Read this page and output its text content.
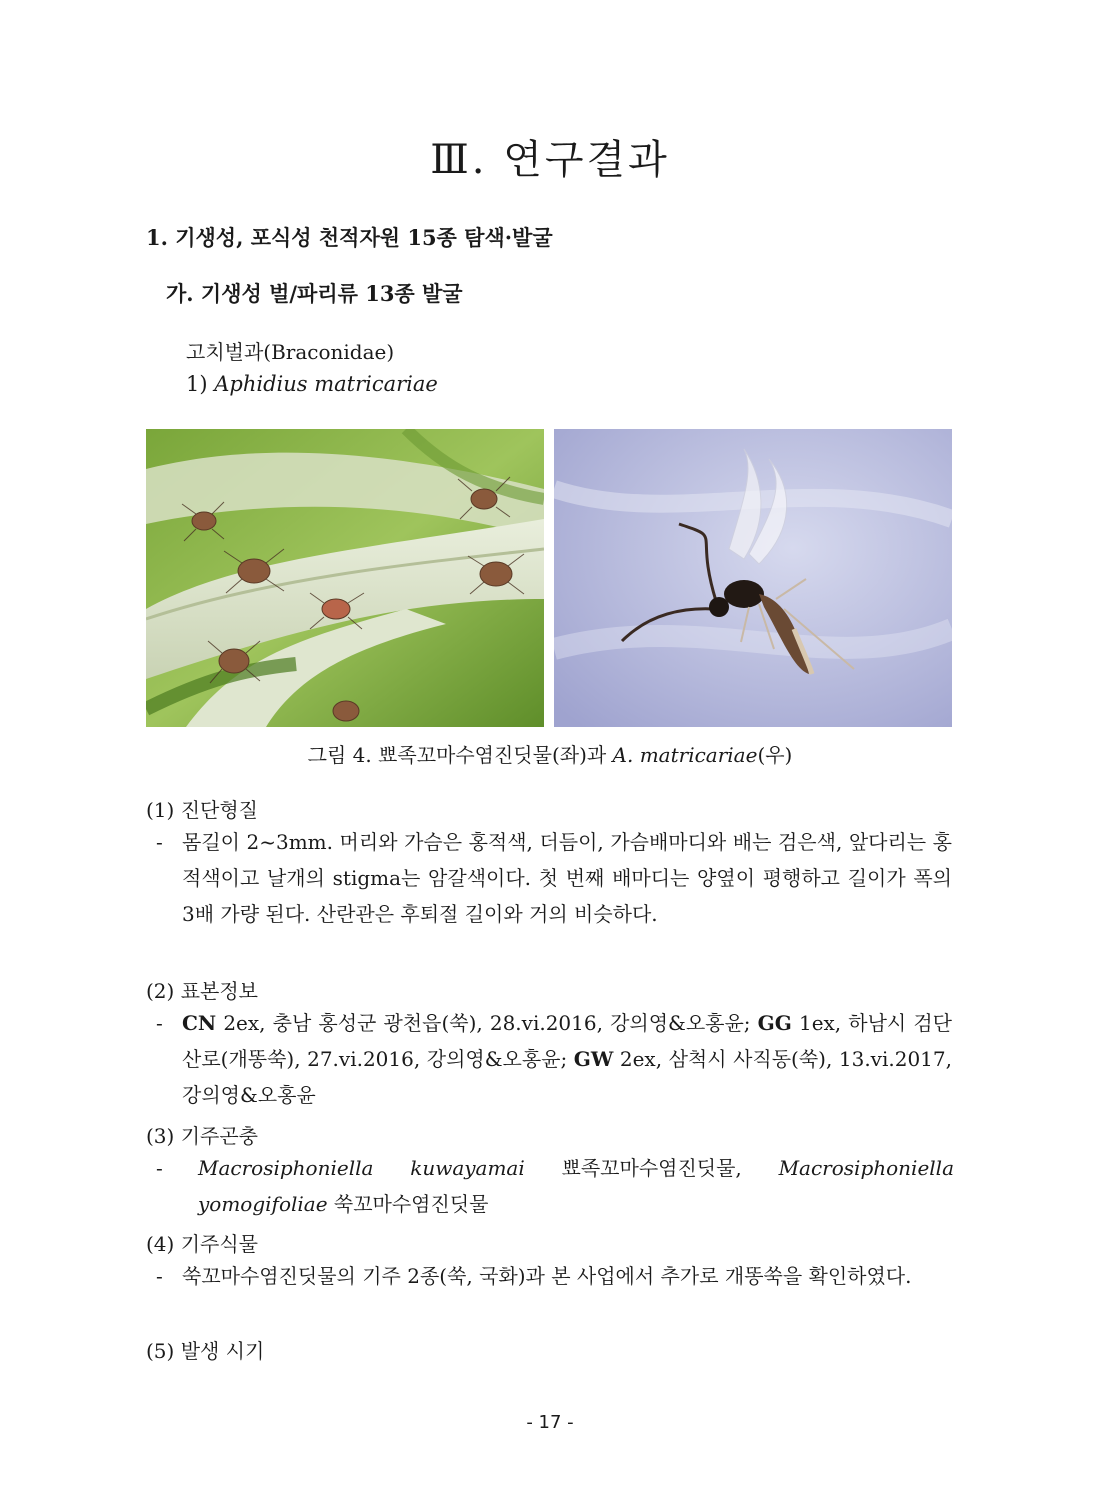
Ⅲ. 연구결과
1. 기생성, 포식성 천적자원 15종 탐색·발굴
가. 기생성 벌/파리류 13종 발굴
고치벌과(Braconidae)
1) Aphidius matricariae
그림 4. 뾰족꼬마수염진딧물(좌)과 A. matricariae(우)
(1) 진단형질
- 몸길이 2~3mm. 머리와 가슴은 홍적색, 더듬이, 가슴배마디와 배는 검은색, 앞다리는 홍적색이고 날개의 stigma는 암갈색이다. 첫 번째 배마디는 양옆이 평행하고 길이가 폭의 3배 가량 된다. 산란관은 후퇴절 길이와 거의 비슷하다.
(2) 표본정보
- CN 2ex, 충남 홍성군 광천읍(쑥), 28.vi.2016, 강의영&오홍윤; GG 1ex, 하남시 검단산로(개똥쑥), 27.vi.2016, 강의영&오홍윤; GW 2ex, 삼척시 사직동(쑥), 13.vi.2017, 강의영&오홍윤
(3) 기주곤충
- Macrosiphoniella kuwayamai 뾰족꼬마수염진딧물, Macrosiphoniella
yomogifoliae 쑥꼬마수염진딧물
(4) 기주식물
- 쑥꼬마수염진딧물의 기주 2종(쑥, 국화)과 본 사업에서 추가로 개똥쑥을 확인하였다.
(5) 발생 시기
- 17 -
